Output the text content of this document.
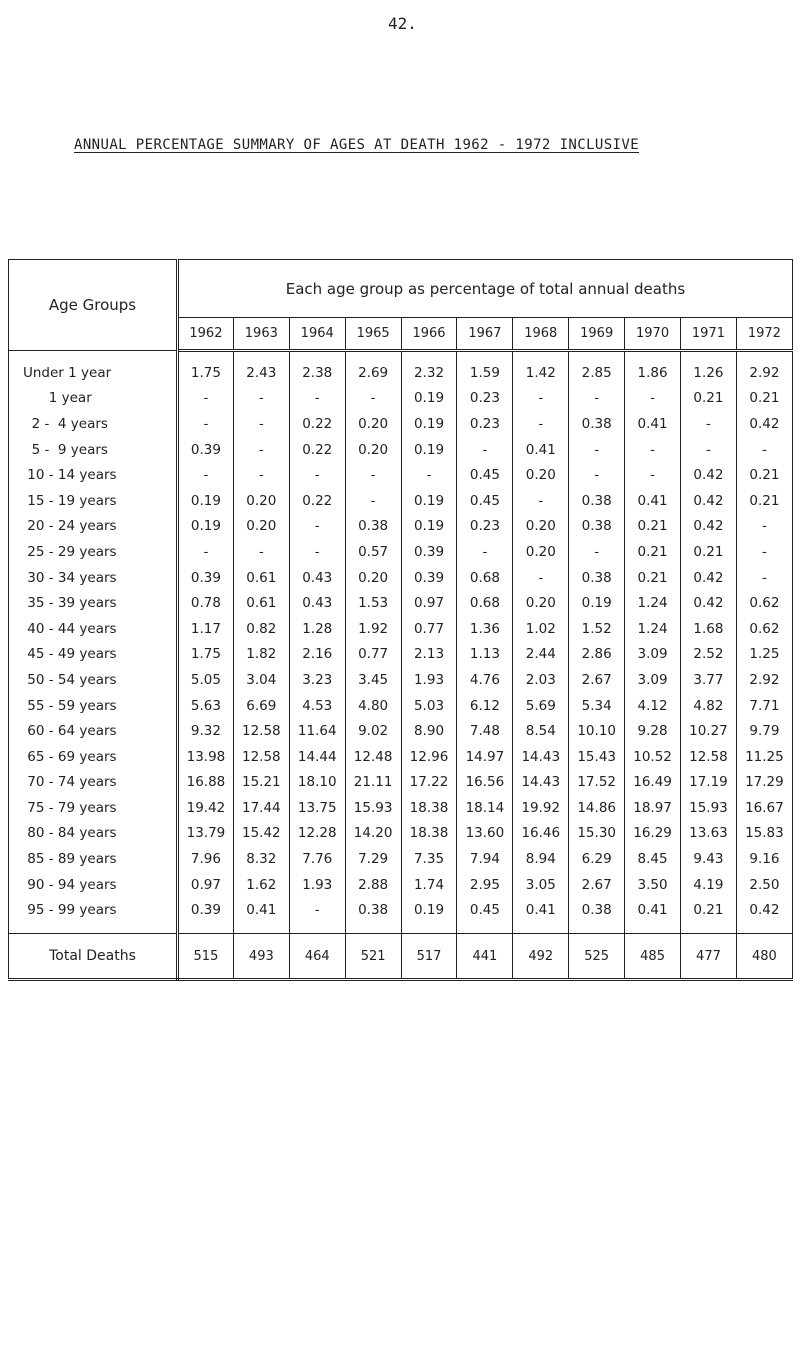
42.
ANNUAL PERCENTAGE SUMMARY OF AGES AT DEATH 1962 - 1972 INCLUSIVE
Age Groups	Each age group as percentage of total annual deaths										
	1962	1963	1964	1965	1966	1967	1968	1969	1970	1971	1972

Under 1 year	1.75	2.43	2.38	2.69	2.32	1.59	1.42	2.85	1.86	1.26	2.92
1 year	-	-	-	-	0.19	0.23	-	-	-	0.21	0.21
2 -  4 years	-	-	0.22	0.20	0.19	0.23	-	0.38	0.41	-	0.42
5 -  9 years	0.39	-	0.22	0.20	0.19	-	0.41	-	-	-	-
10 - 14 years	-	-	-	-	-	0.45	0.20	-	-	0.42	0.21
15 - 19 years	0.19	0.20	0.22	-	0.19	0.45	-	0.38	0.41	0.42	0.21
20 - 24 years	0.19	0.20	-	0.38	0.19	0.23	0.20	0.38	0.21	0.42	-
25 - 29 years	-	-	-	0.57	0.39	-	0.20	-	0.21	0.21	-
30 - 34 years	0.39	0.61	0.43	0.20	0.39	0.68	-	0.38	0.21	0.42	-
35 - 39 years	0.78	0.61	0.43	1.53	0.97	0.68	0.20	0.19	1.24	0.42	0.62
40 - 44 years	1.17	0.82	1.28	1.92	0.77	1.36	1.02	1.52	1.24	1.68	0.62
45 - 49 years	1.75	1.82	2.16	0.77	2.13	1.13	2.44	2.86	3.09	2.52	1.25
50 - 54 years	5.05	3.04	3.23	3.45	1.93	4.76	2.03	2.67	3.09	3.77	2.92
55 - 59 years	5.63	6.69	4.53	4.80	5.03	6.12	5.69	5.34	4.12	4.82	7.71
60 - 64 years	9.32	12.58	11.64	9.02	8.90	7.48	8.54	10.10	9.28	10.27	9.79
65 - 69 years	13.98	12.58	14.44	12.48	12.96	14.97	14.43	15.43	10.52	12.58	11.25
70 - 74 years	16.88	15.21	18.10	21.11	17.22	16.56	14.43	17.52	16.49	17.19	17.29
75 - 79 years	19.42	17.44	13.75	15.93	18.38	18.14	19.92	14.86	18.97	15.93	16.67
80 - 84 years	13.79	15.42	12.28	14.20	18.38	13.60	16.46	15.30	16.29	13.63	15.83
85 - 89 years	7.96	8.32	7.76	7.29	7.35	7.94	8.94	6.29	8.45	9.43	9.16
90 - 94 years	0.97	1.62	1.93	2.88	1.74	2.95	3.05	2.67	3.50	4.19	2.50
95 - 99 years	0.39	0.41	-	0.38	0.19	0.45	0.41	0.38	0.41	0.21	0.42

Total Deaths	515	493	464	521	517	441	492	525	485	477	480
